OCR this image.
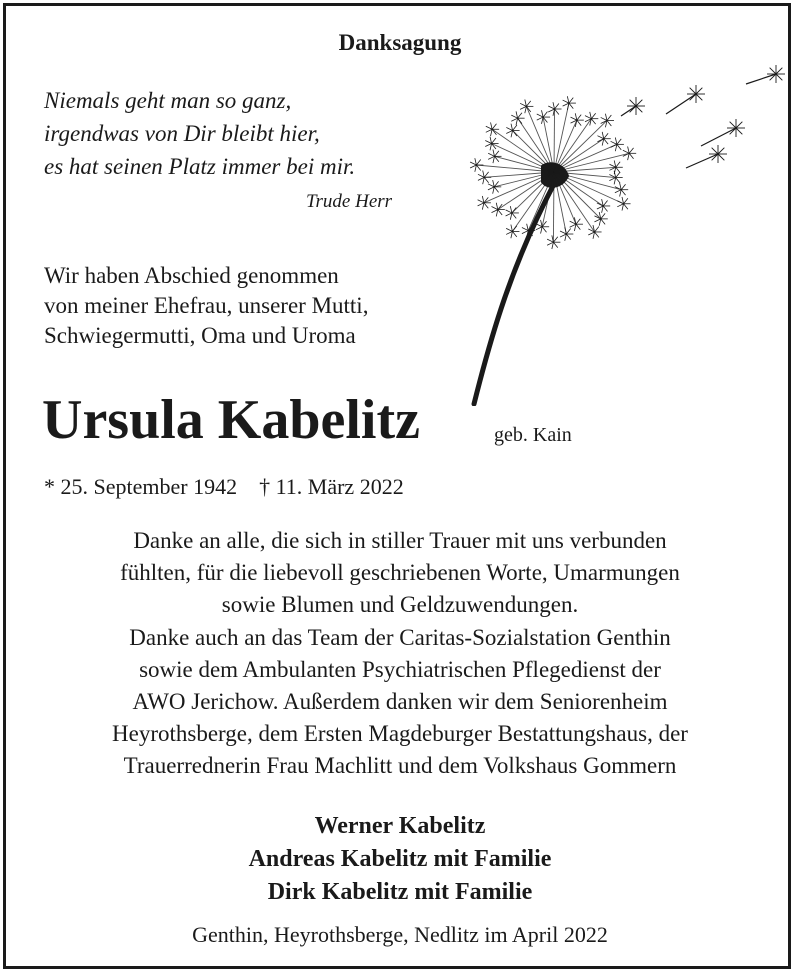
Danksagung
Niemals geht man so ganz,
irgendwas von Dir bleibt hier,
es hat seinen Platz immer bei mir.
Trude Herr
Wir haben Abschied genommen
von meiner Ehefrau, unserer Mutti,
Schwiegermutti, Oma und Uroma
Ursula Kabelitz	geb. Kain
* 25. September 1942 † 11. März 2022
Danke an alle, die sich in stiller Trauer mit uns verbunden
fühlten, für die liebevoll geschriebenen Worte, Umarmungen
sowie Blumen und Geldzuwendungen.
Danke auch an das Team der Caritas-Sozialstation Genthin
sowie dem Ambulanten Psychiatrischen Pflegedienst der
AWO Jerichow. Außerdem danken wir dem Seniorenheim
Heyrothsberge, dem Ersten Magdeburger Bestattungshaus, der
Trauerrednerin Frau Machlitt und dem Volkshaus Gommern
Werner Kabelitz
Andreas Kabelitz mit Familie
Dirk Kabelitz mit Familie
Genthin, Heyrothsberge, Nedlitz im April 2022
